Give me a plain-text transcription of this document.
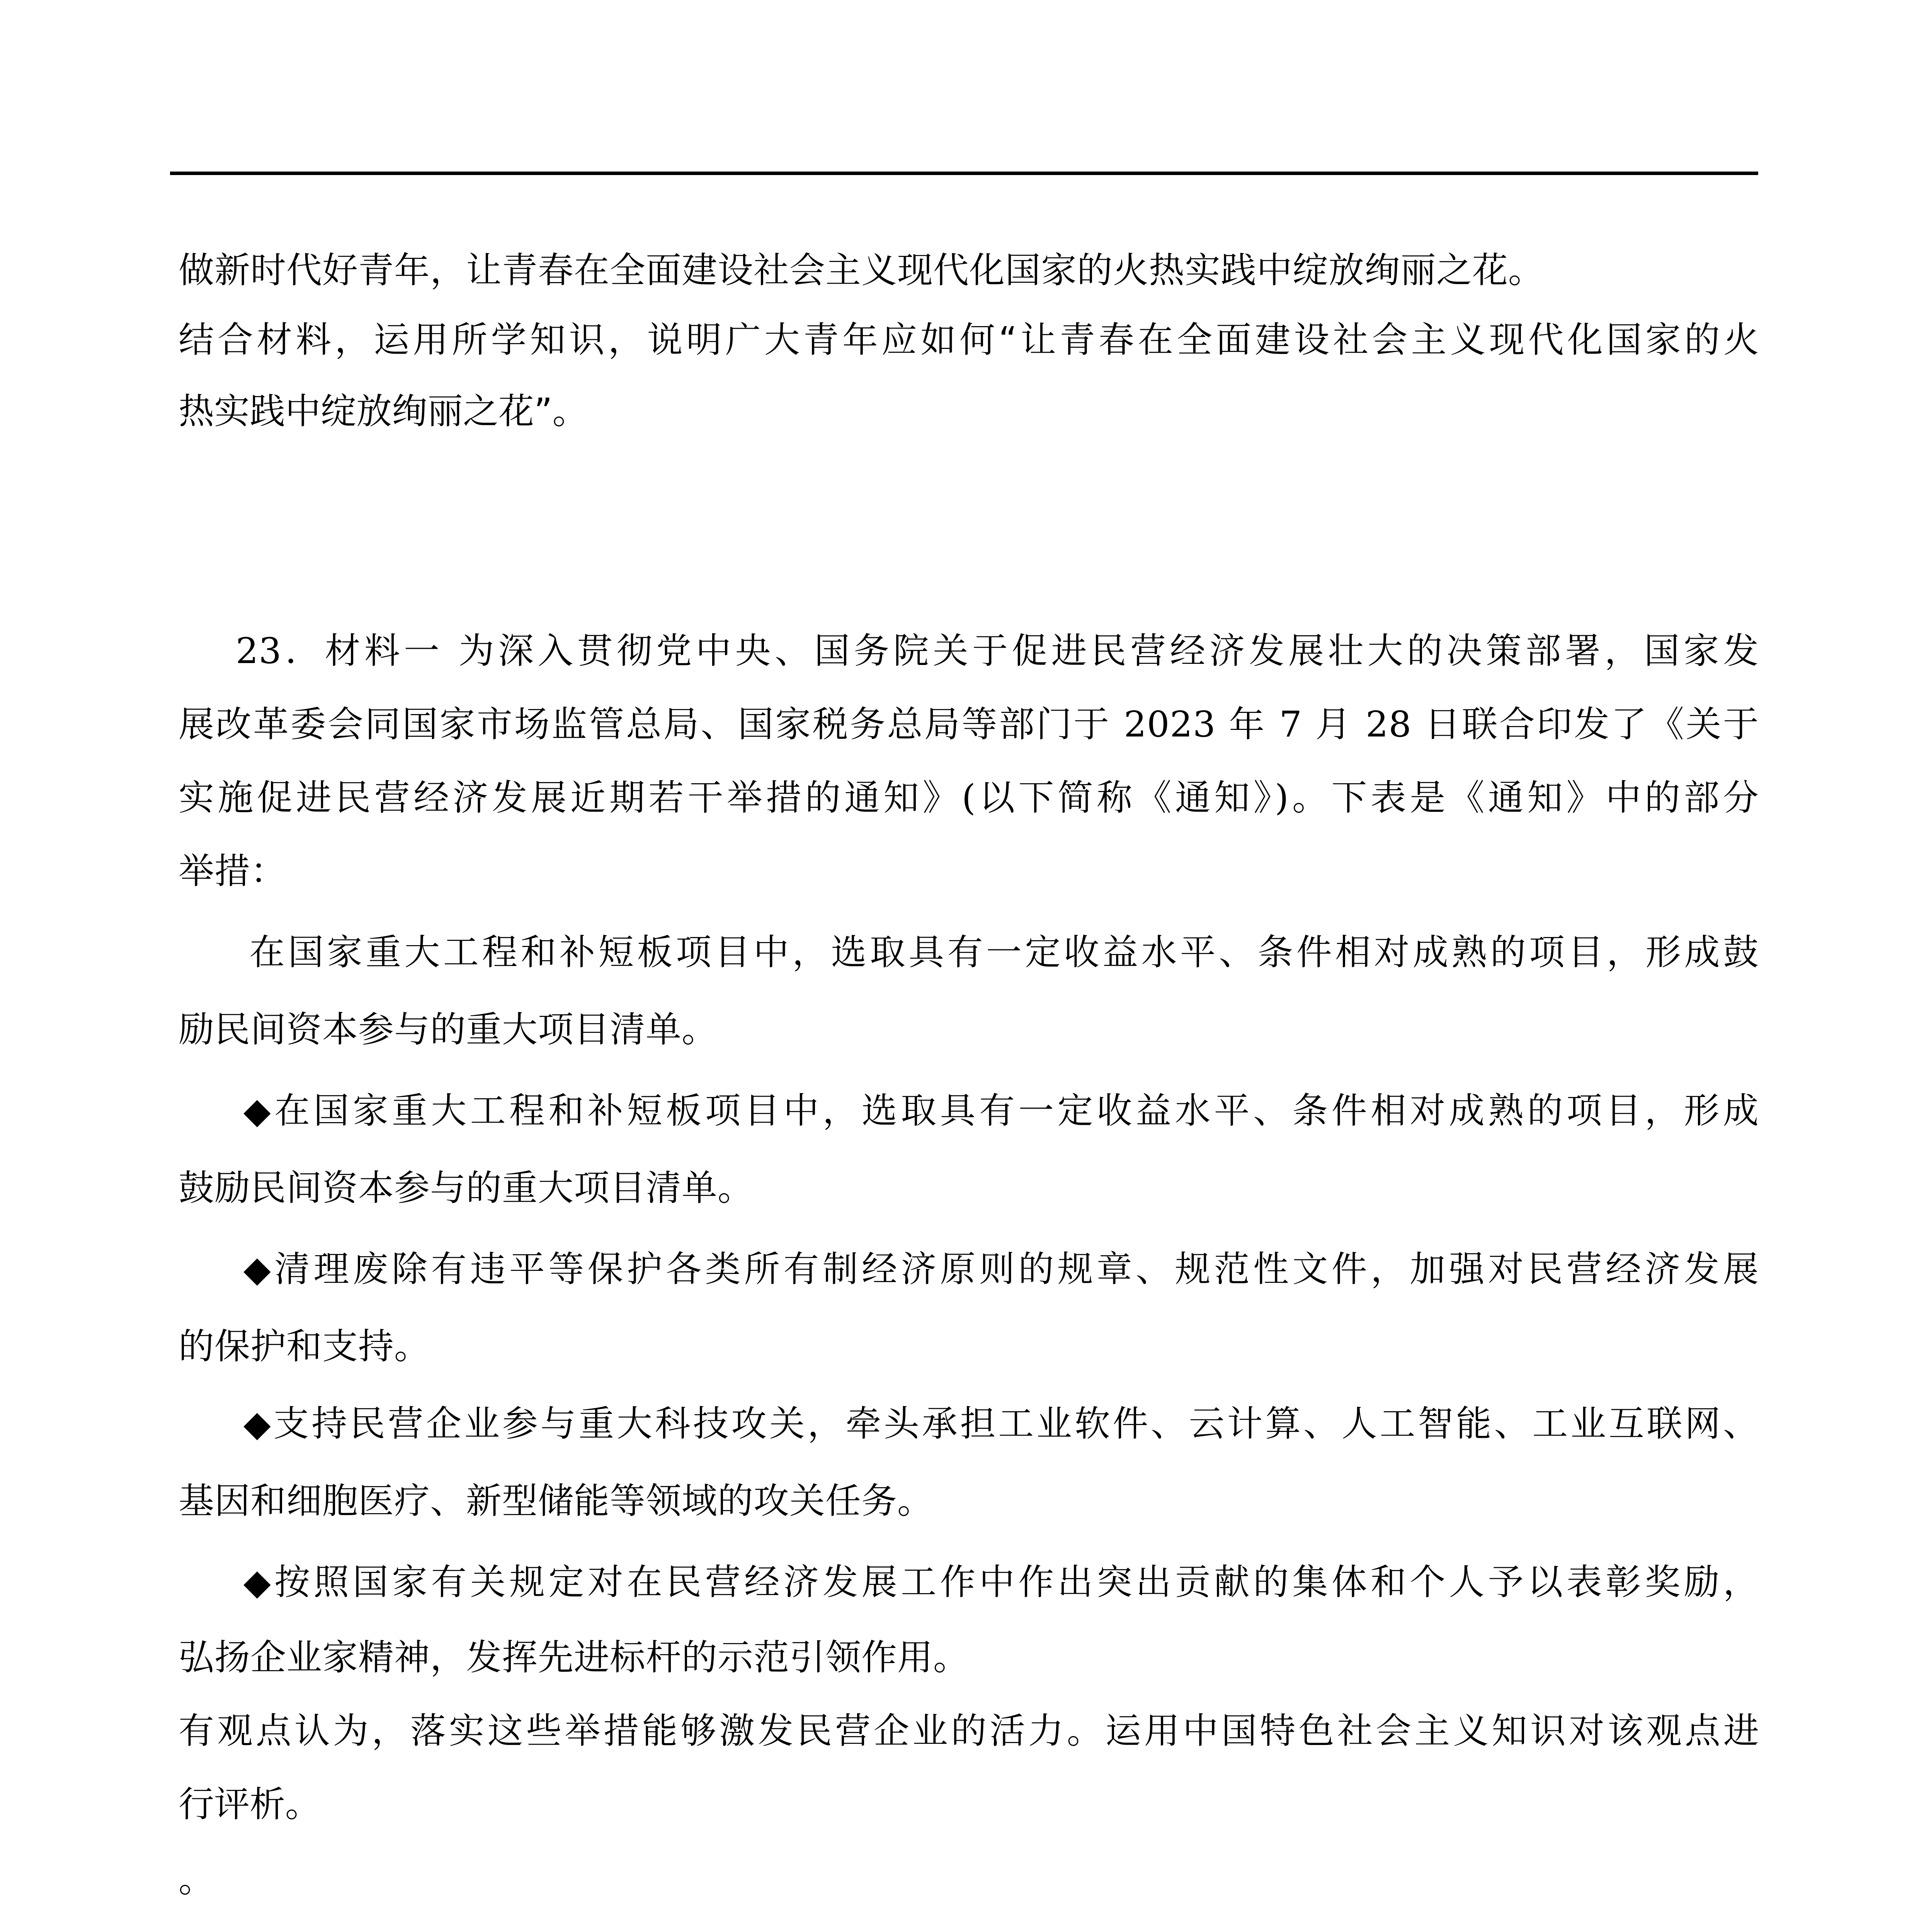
做新时代好青年，让青春在全面建设社会主义现代化国家的火热实践中绽放绚丽之花。
结合材料，运用所学知识，说明广大青年应如何“让青春在全面建设社会主义现代化国家的火
热实践中绽放绚丽之花”。
23．材料一 为深入贯彻党中央、国务院关于促进民营经济发展壮大的决策部署，国家发
展改革委会同国家市场监管总局、国家税务总局等部门于 2023 年 7 月 28 日联合印发了《关于
实施促进民营经济发展近期若干举措的通知》(以下简称《通知》)。下表是《通知》中的部分
举措：
在国家重大工程和补短板项目中，选取具有一定收益水平、条件相对成熟的项目，形成鼓
励民间资本参与的重大项目清单。
◆在国家重大工程和补短板项目中，选取具有一定收益水平、条件相对成熟的项目，形成
鼓励民间资本参与的重大项目清单。
◆清理废除有违平等保护各类所有制经济原则的规章、规范性文件，加强对民营经济发展
的保护和支持。
◆支持民营企业参与重大科技攻关，牵头承担工业软件、云计算、人工智能、工业互联网、
基因和细胞医疗、新型储能等领域的攻关任务。
◆按照国家有关规定对在民营经济发展工作中作出突出贡献的集体和个人予以表彰奖励，
弘扬企业家精神，发挥先进标杆的示范引领作用。
有观点认为，落实这些举措能够激发民营企业的活力。运用中国特色社会主义知识对该观点进
行评析。
。
